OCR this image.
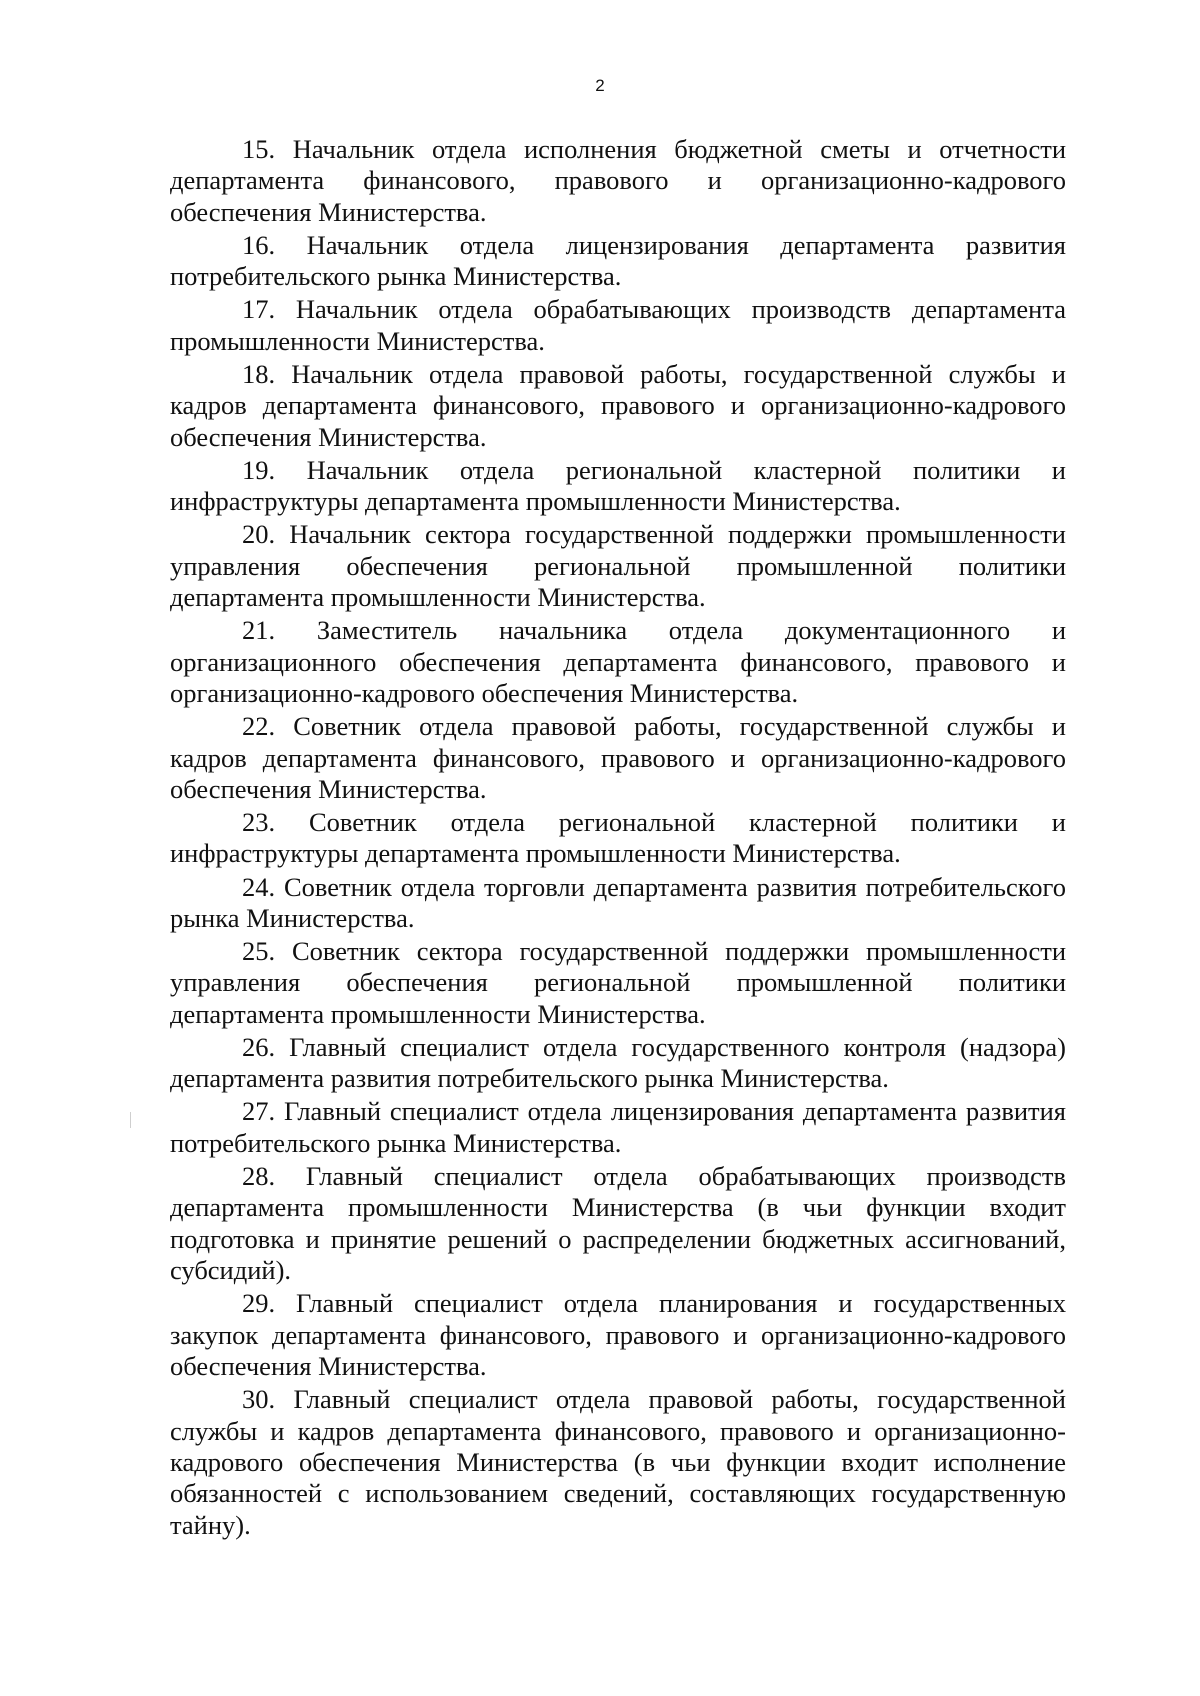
2

15. Начальник отдела исполнения бюджетной сметы и отчетности департамента финансового, правового и организационно-кадрового обеспечения Министерства.

16. Начальник отдела лицензирования департамента развития потребительского рынка Министерства.

17. Начальник отдела обрабатывающих производств департамента промышленности Министерства.

18. Начальник отдела правовой работы, государственной службы и кадров департамента финансового, правового и организационно-кадрового обеспечения Министерства.

19. Начальник отдела региональной кластерной политики и инфраструктуры департамента промышленности Министерства.

20. Начальник сектора государственной поддержки промышленности управления обеспечения региональной промышленной политики департамента промышленности Министерства.

21. Заместитель начальника отдела документационного и организационного обеспечения департамента финансового, правового и организационно-кадрового обеспечения Министерства.

22. Советник отдела правовой работы, государственной службы и кадров департамента финансового, правового и организационно-кадрового обеспечения Министерства.

23. Советник отдела региональной кластерной политики и инфраструктуры департамента промышленности Министерства.

24. Советник отдела торговли департамента развития потребительского рынка Министерства.

25. Советник сектора государственной поддержки промышленности управления обеспечения региональной промышленной политики департамента промышленности Министерства.

26. Главный специалист отдела государственного контроля (надзора) департамента развития потребительского рынка Министерства.

27. Главный специалист отдела лицензирования департамента развития потребительского рынка Министерства.

28. Главный специалист отдела обрабатывающих производств департамента промышленности Министерства (в чьи функции входит подготовка и принятие решений о распределении бюджетных ассигнований, субсидий).

29. Главный специалист отдела планирования и государственных закупок департамента финансового, правового и организационно-кадрового обеспечения Министерства.

30. Главный специалист отдела правовой работы, государственной службы и кадров департамента финансового, правового и организационно-кадрового обеспечения Министерства (в чьи функции входит исполнение обязанностей с использованием сведений, составляющих государственную тайну).
